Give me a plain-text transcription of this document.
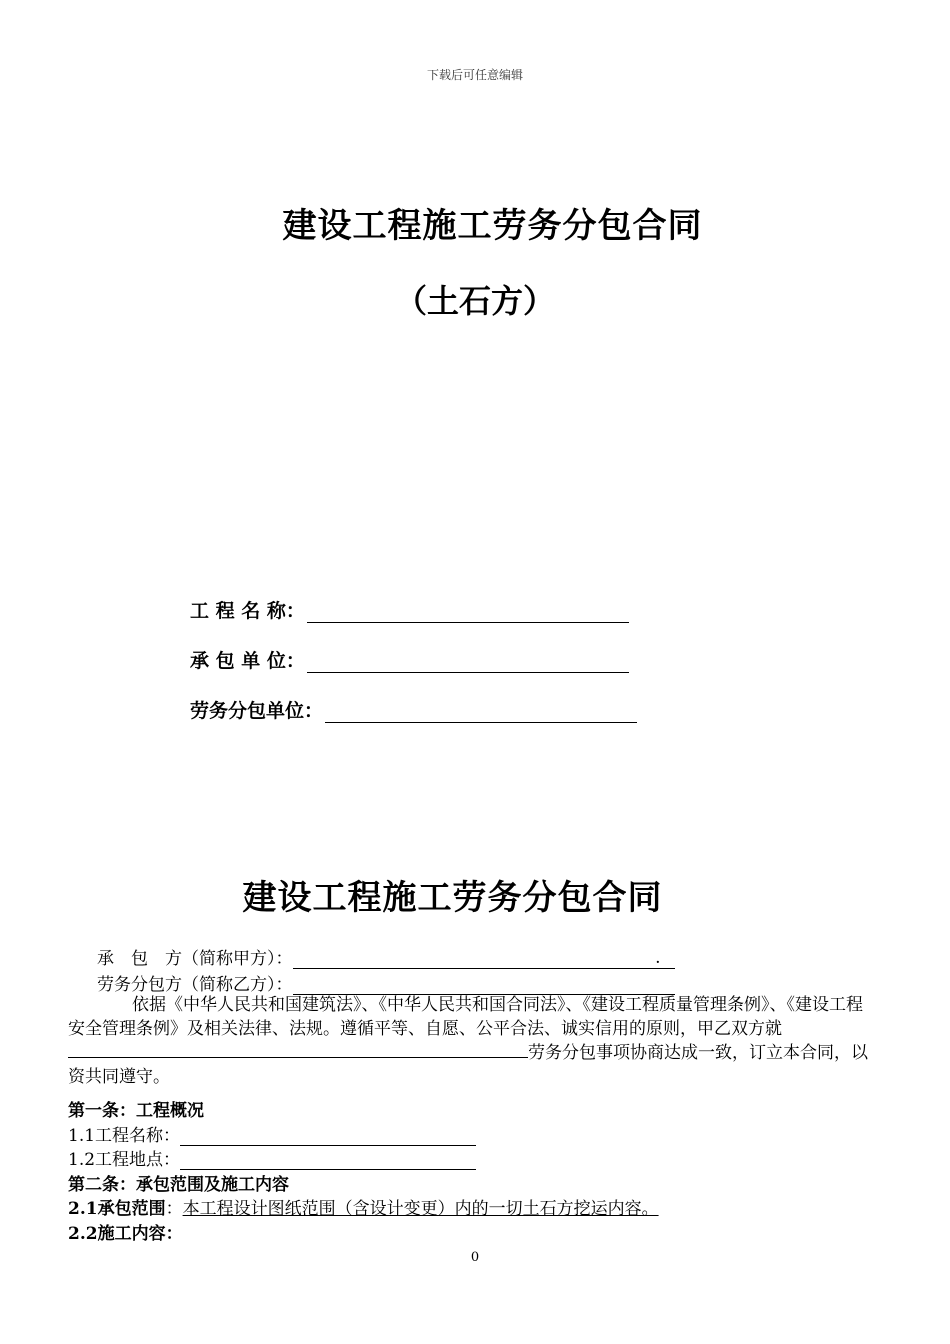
下载后可任意编辑
建设工程施工劳务分包合同
（土石方）
工 程 名 称：
承 包 单 位：
劳务分包单位：
建设工程施工劳务分包合同
承　包　方（简称甲方）：	.
劳务分包方（简称乙方）：
依据《中华人民共和国建筑法》、《中华人民共和国合同法》、《建设工程质量管理条例》、《建设工程安全管理条例》及相关法律、法规。遵循平等、自愿、公平合法、诚实信用的原则，甲乙双方就劳务分包事项协商达成一致，订立本合同，以资共同遵守。
第一条：工程概况
1.1工程名称：
1.2工程地点：
第二条：承包范围及施工内容
2.1承包范围：本工程设计图纸范围（含设计变更）内的一切土石方挖运内容。
2.2施工内容：
0
